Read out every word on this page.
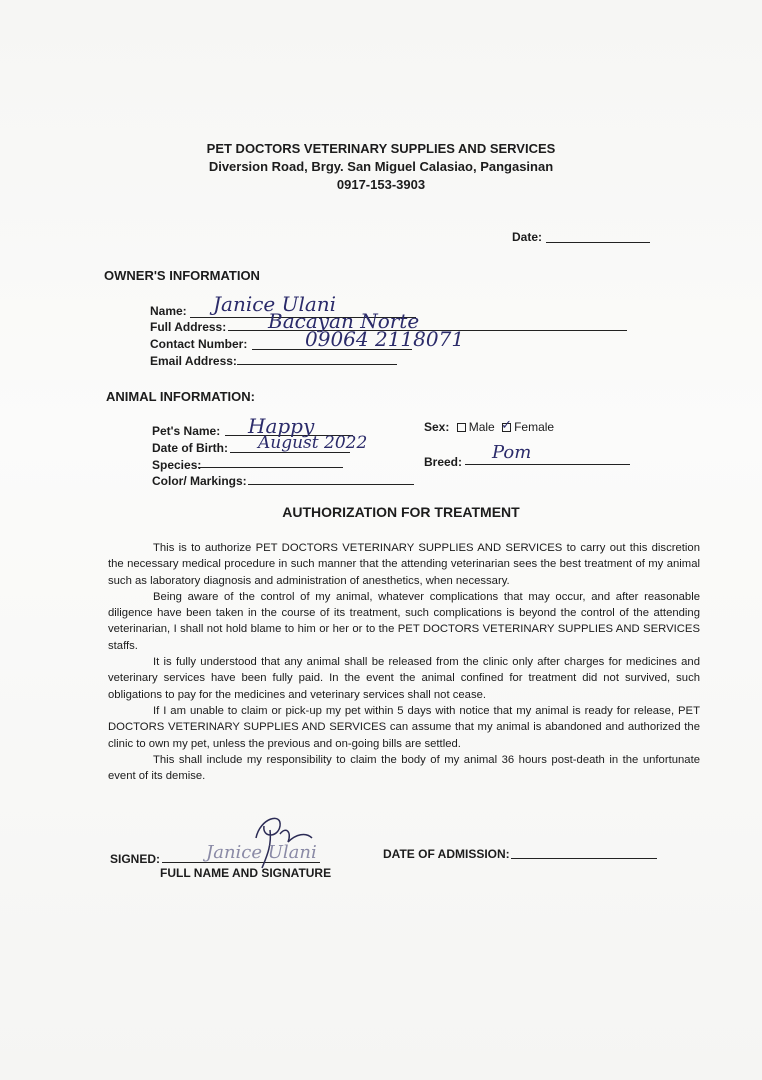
PET DOCTORS VETERINARY SUPPLIES AND SERVICES
Diversion Road, Brgy. San Miguel Calasiao, Pangasinan
0917-153-3903
Date:
OWNER'S INFORMATION
Name: Janice Ulani
Full Address: Bacayan Norte
Contact Number:	09064 2118071
Email Address:
ANIMAL INFORMATION:
Pet's Name: Happy
Date of Birth: August 2022
Species:
Color/ Markings:
Sex: Male ✓ Female
Breed: Pom
AUTHORIZATION FOR TREATMENT

This is to authorize PET DOCTORS VETERINARY SUPPLIES AND SERVICES to carry out this discretion the necessary medical procedure in such manner that the attending veterinarian sees the best treatment of my animal such as laboratory diagnosis and administration of anesthetics, when necessary.

Being aware of the control of my animal, whatever complications that may occur, and after reasonable diligence have been taken in the course of its treatment, such complications is beyond the control of the attending veterinarian, I shall not hold blame to him or her or to the PET DOCTORS VETERINARY SUPPLIES AND SERVICES staffs.

It is fully understood that any animal shall be released from the clinic only after charges for medicines and veterinary services have been fully paid. In the event the animal confined for treatment did not survived, such obligations to pay for the medicines and veterinary services shall not cease.

If I am unable to claim or pick-up my pet within 5 days with notice that my animal is ready for release, PET DOCTORS VETERINARY SUPPLIES AND SERVICES can assume that my animal is abandoned and authorized the clinic to own my pet, unless the previous and on-going bills are settled.

This shall include my responsibility to claim the body of my animal 36 hours post-death in the unfortunate event of its demise.

SIGNED:	Janice Ulani
FULL NAME AND SIGNATURE
DATE OF ADMISSION:
